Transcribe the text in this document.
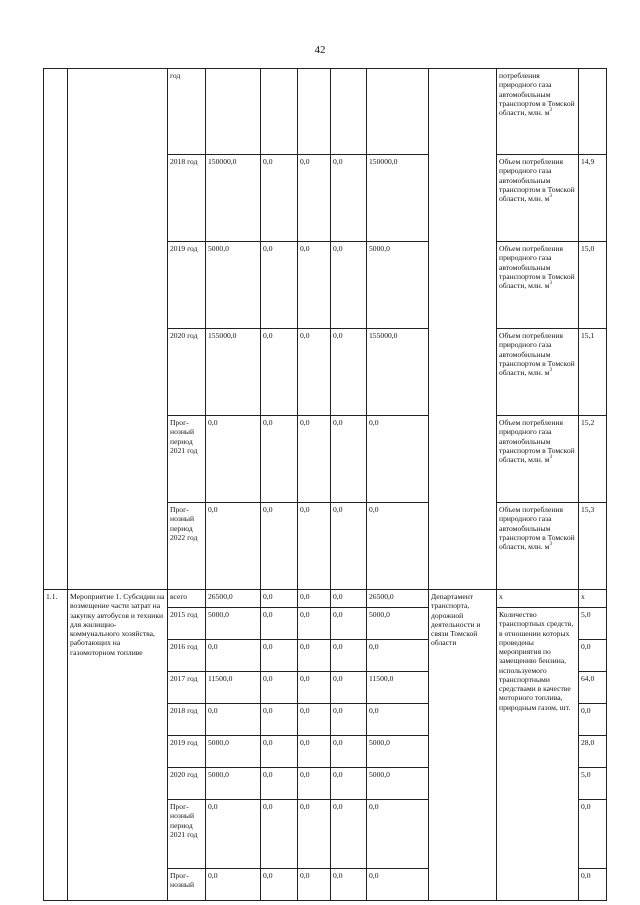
42
		год							потребления природного газа автомобильным транспортом в Томской области, млн. $м^3$	
		2018 год	150000,0	0,0	0,0	0,0	150000,0		Объем потребления природного газа автомобильным транспортом в Томской области, млн. $м^3$	14,9
		2019 год	5000,0	0,0	0,0	0,0	5000,0		Объем потребления природного газа автомобильным транспортом в Томской области, млн. $м^3$	15,0
		2020 год	155000,0	0,0	0,0	0,0	155000,0		Объем потребления природного газа автомобильным транспортом в Томской области, млн. $м^3$	15,1
		Прог-нозный период 2021 год	0,0	0,0	0,0	0,0	0,0		Объем потребления природного газа автомобильным транспортом в Томской области, млн. $м^3$	15,2
		Прог-нозный период 2022 год	0,0	0,0	0,0	0,0	0,0		Объем потребления природного газа автомобильным транспортом в Томской области, млн. $м^3$	15,3
1.1.	Мероприятие 1. Субсидии на возмещение части затрат на закупку автобусов и техники для жилищно-коммунального хозяйства, работающих на газомоторном топливе	всего	26500,0	0,0	0,0	0,0	26500,0	Департамент транспорта, дорожной деятельности и связи Томской области	x	x
		2015 год	5000,0	0,0	0,0	0,0	5000,0		Количество транспортных средств, в отношении которых проведены мероприятия по замещению бензина, используемого транспортными средствами в качестве моторного топлива, природным газом, шт.	5,0
		2016 год	0,0	0,0	0,0	0,0	0,0			0,0
		2017 год	11500,0	0,0	0,0	0,0	11500,0			64,0
		2018 год	0,0	0,0	0,0	0,0	0,0			0,0
		2019 год	5000,0	0,0	0,0	0,0	5000,0			28,0
		2020 год	5000,0	0,0	0,0	0,0	5000,0			5,0
		Прог-нозный период 2021 год	0,0	0,0	0,0	0,0	0,0			0,0
		Прог-нозный	0,0	0,0	0,0	0,0	0,0			0,0
